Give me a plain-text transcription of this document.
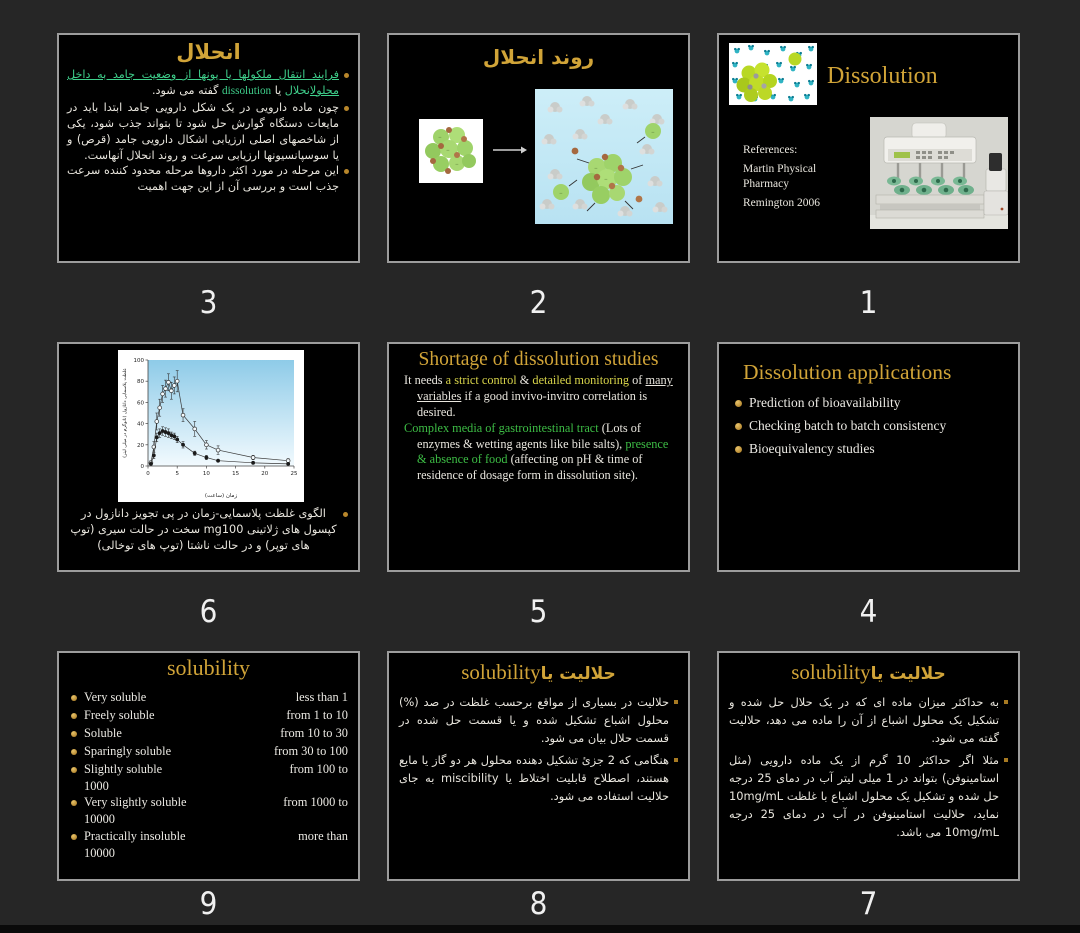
انحلال
فرایند انتقال ملکولها یا یونها از وضعیت جامد به داخل محلولانحلال یا dissolution گفته می شود.
چون ماده دارویی در یک شکل دارویی جامد ابتدا باید در مایعات دستگاه گوارش حل شود تا بتواند جذب شود، یکی از شاخصهای اصلی ارزیابی اشکال دارویی جامد (قرص) و یا سوسپانسیونها ارزیابی سرعت و روند انحلال آنهاست.
این مرحله در مورد اکثر داروها مرحله محدود کننده سرعت جذب است و بررسی آن از این جهت اهمیت
3
روند انحلال
−
−
−
−
−
−
−
2
Dissolution
References:
Martin Physical Pharmacy
Remington 2006
1
0	5	10	15	20	25
0
20
40
60
80
100
زمان (ساعت)
غلظت پلاسمایی دانازول (نانوگرم در میلی لیتر)
الگوی غلظت پلاسمایی-زمان در پی تجویز دانازول در کپسول های ژلاتینی mg100 سخت در حالت سیری (توپ های توپر) و در حالت ناشتا (توپ های توخالی)
6
Shortage of dissolution studies

It needs a strict control & detailed monitoring of many variables if a good invivo-invitro correlation is desired.

Complex media of gastrointestinal tract (Lots of enzymes & wetting agents like bile salts), presence & absence of food (affecting on pH & time of residence of dosage form in dissolution site).

5
Dissolution applications
Prediction of bioavailability
Checking batch to batch consistency
Bioequivalency studies
4
solubility
Very soluble	less than 1
Freely soluble	from 1 to 10
Soluble	from 10 to 30
Sparingly soluble	from 30 to 100
Slightly soluble	from 100 to
1000
Very slightly soluble	from 1000 to
10000
Practically insoluble	more than
10000
9
حلالیت یاsolubility
حلالیت در بسیاری از مواقع برحسب غلظت در صد (%) محلول اشباع تشکیل شده و یا قسمت حل شده در قسمت حلال بیان می شود.
هنگامی که 2 جزئ تشکیل دهنده محلول هر دو گاز یا مایع هستند، اصطلاح قابلیت اختلاط یا miscibility به جای حلالیت استفاده می شود.
8
حلالیت یاsolubility
به حداکثر میزان ماده ای که در یک حلال حل شده و تشکیل یک محلول اشباع از آن را ماده می دهد، حلالیت گفته می شود.
مثلا اگر حداکثر 10 گرم از یک ماده دارویی (مثل استامینوفن) بتواند در 1 میلی لیتر آب در دمای 25 درجه حل شده و تشکیل یک محلول اشباع با غلظت 10mg/mL نماید، حلالیت استامینوفن در آب در دمای 25 درجه 10mg/mL می باشد.
7
